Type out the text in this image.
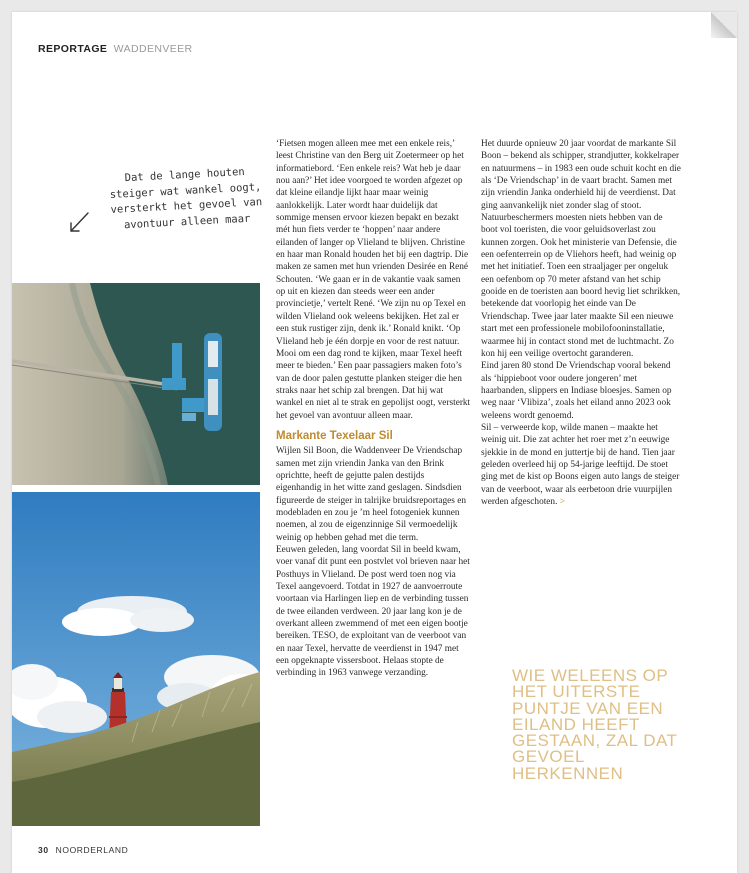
REPORTAGE WADDENVEER
Dat de lange houten
steiger wat wankel oogt,
versterkt het gevoel van
avontuur alleen maar

‘Fietsen mogen alleen mee met een enkele reis,’ leest Christine van den Berg uit Zoetermeer op het informatiebord. ‘Een enkele reis? Wat heb je daar nou aan?’ Het idee voorgoed te worden afgezet op dat kleine eilandje lijkt haar maar weinig aanlokkelijk. Later wordt haar duidelijk dat sommige mensen ervoor kiezen bepakt en bezakt mét hun fiets verder te ‘hoppen’ naar andere eilanden of langer op Vlieland te blijven. Christine en haar man Ronald houden het bij een dagtrip. Die maken ze samen met hun vrienden Desirée en René Schouten. ‘We gaan er in de vakantie vaak samen op uit en kiezen dan steeds weer een ander provincietje,’ vertelt René. ‘We zijn nu op Texel en wilden Vlieland ook weleens bekijken. Het zal er een stuk rustiger zijn, denk ik.’ Ronald knikt. ‘Op Vlieland heb je één dorpje en voor de rest natuur. Mooi om een dag rond te kijken, maar Texel heeft meer te bieden.’ Een paar passagiers maken foto’s van de door palen gestutte planken steiger die hen straks naar het schip zal brengen. Dat hij wat wankel en niet al te strak en gepolijst oogt, versterkt het gevoel van avontuur alleen maar.

Markante Texelaar Sil

Wijlen Sil Boon, die Waddenveer De Vriendschap samen met zijn vriendin Janka van den Brink oprichtte, heeft de gejutte palen destijds eigenhandig in het witte zand geslagen. Sindsdien figureerde de steiger in talrijke bruidsreportages en modebladen en zou je ’m heel fotogeniek kunnen noemen, al zou de eigenzinnige Sil vermoedelijk weinig op hebben gehad met die term.

Eeuwen geleden, lang voordat Sil in beeld kwam, voer vanaf dit punt een postvlet vol brieven naar het Posthuys in Vlieland. De post werd toen nog via Texel aangevoerd. Totdat in 1927 de aanvoerroute voortaan via Harlingen liep en de verbinding tussen de twee eilanden verdween. 20 jaar lang kon je de overkant alleen zwemmend of met een eigen bootje bereiken. TESO, de exploitant van de veerboot van en naar Texel, hervatte de veerdienst in 1947 met een opgeknapte vissersboot. Helaas stopte de verbinding in 1963 vanwege verzanding.

Het duurde opnieuw 20 jaar voordat de markante Sil Boon – bekend als schipper, strandjutter, kokkelraper en natuurmens – in 1983 een oude schuit kocht en die als ‘De Vriendschap’ in de vaart bracht. Samen met zijn vriendin Janka onderhield hij de veerdienst. Dat ging aanvankelijk niet zonder slag of stoot. Natuurbeschermers moesten niets hebben van de boot vol toeristen, die voor geluidsoverlast zou kunnen zorgen. Ook het ministerie van Defensie, die een oefenterrein op de Vliehors heeft, had weinig op met het initiatief. Toen een straaljager per ongeluk een oefenbom op 70 meter afstand van het schip gooide en de toeristen aan boord hevig liet schrikken, betekende dat voorlopig het einde van De Vriendschap. Twee jaar later maakte Sil een nieuwe start met een professionele mobilofooninstallatie, waarmee hij in contact stond met de luchtmacht. Zo kon hij een veilige overtocht garanderen.

Eind jaren 80 stond De Vriendschap vooral bekend als ‘hippieboot voor oudere jongeren’ met haarbanden, slippers en Indiase bloesjes. Samen op weg naar ‘Vlibiza’, zoals het eiland anno 2023 ook weleens wordt genoemd.

Sil – verweerde kop, wilde manen – maakte het weinig uit. Die zat achter het roer met z’n eeuwige sjekkie in de mond en juttertje bij de hand. Tien jaar geleden overleed hij op 54-jarige leeftijd. De stoet ging met de kist op Boons eigen auto langs de steiger van de veerboot, waar als eerbetoon drie vuurpijlen werden afgeschoten. >

WIE WELEENS OP HET UITERSTE PUNTJE VAN EEN EILAND HEEFT GESTAAN, ZAL DAT GEVOEL HERKENNEN
30 NOORDERLAND
